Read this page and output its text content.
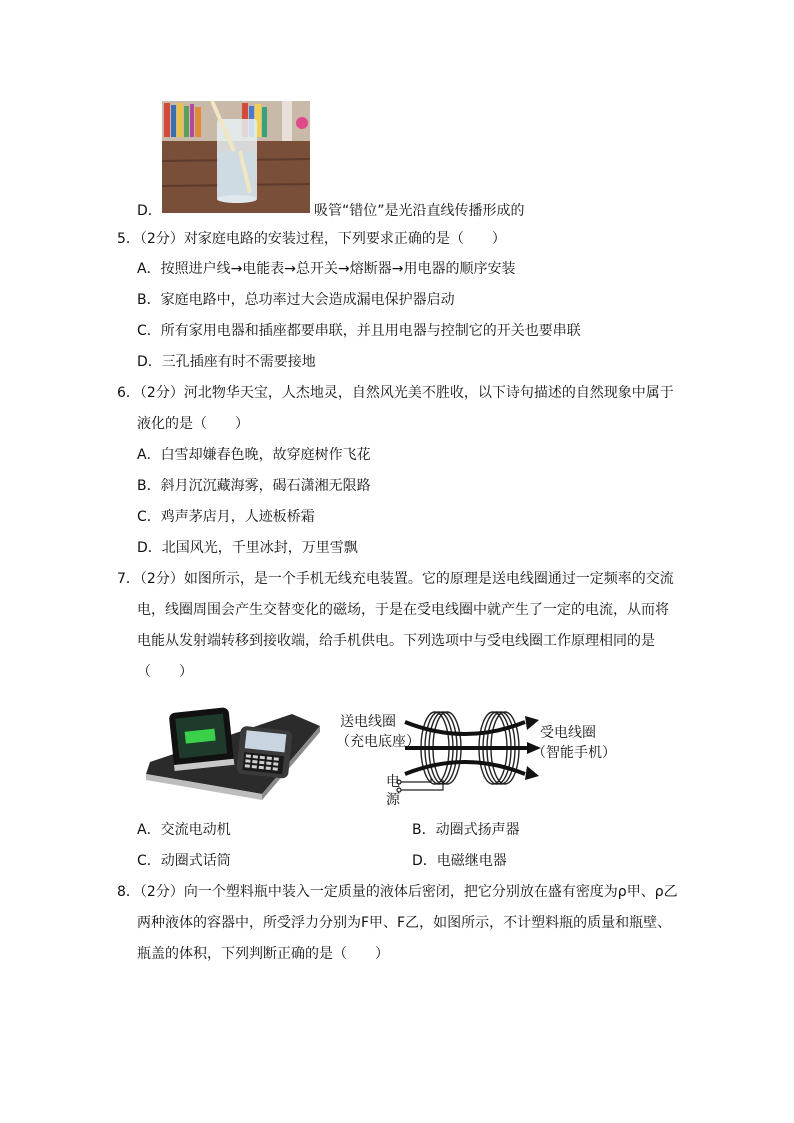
D．	吸管“错位”是光沿直线传播形成的
5．（2分）对家庭电路的安装过程，下列要求正确的是（　　）
A．按照进户线→电能表→总开关→熔断器→用电器的顺序安装
B．家庭电路中，总功率过大会造成漏电保护器启动
C．所有家用电器和插座都要串联，并且用电器与控制它的开关也要串联
D．三孔插座有时不需要接地
6．（2分）河北物华天宝，人杰地灵，自然风光美不胜收，以下诗句描述的自然现象中属于
液化的是（　　）
A．白雪却嫌春色晚，故穿庭树作飞花
B．斜月沉沉藏海雾，碣石潇湘无限路
C．鸡声茅店月，人迹板桥霜
D．北国风光，千里冰封，万里雪飘
7．（2分）如图所示，是一个手机无线充电装置。它的原理是送电线圈通过一定频率的交流
电，线圈周围会产生交替变化的磁场，于是在受电线圈中就产生了一定的电流，从而将
电能从发射端转移到接收端，给手机供电。下列选项中与受电线圈工作原理相同的是
（　　）
送电线圈
（充电底座）
受电线圈
（智能手机）
电
源
A．交流电动机	B．动圈式扬声器
C．动圈式话筒	D．电磁继电器
8．（2分）向一个塑料瓶中装入一定质量的液体后密闭，把它分别放在盛有密度为ρ甲、ρ乙
两种液体的容器中，所受浮力分别为F甲、F乙，如图所示，不计塑料瓶的质量和瓶壁、
瓶盖的体积，下列判断正确的是（　　）
